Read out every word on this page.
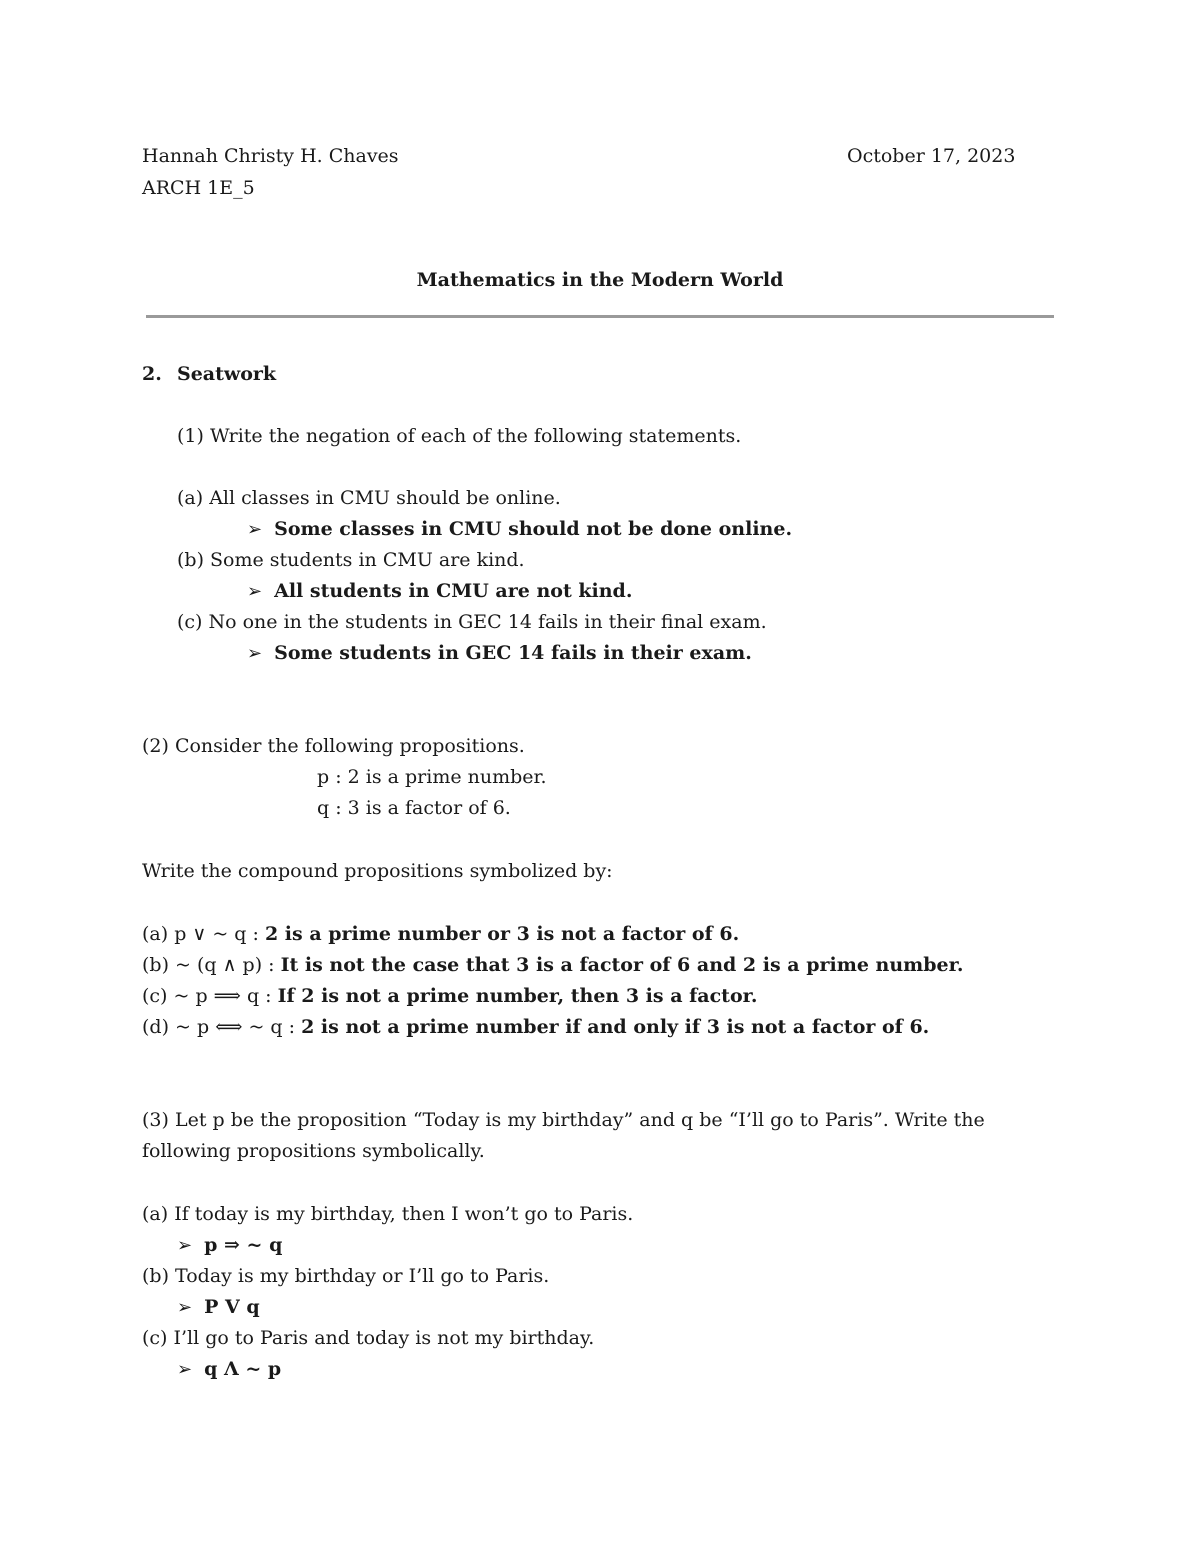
Hannah Christy H. Chaves	October 17, 2023
ARCH 1E_5
Mathematics in the Modern World
2. Seatwork
(1) Write the negation of each of the following statements.
(a) All classes in CMU should be online.
➢ Some classes in CMU should not be done online.
(b) Some students in CMU are kind.
➢ All students in CMU are not kind.
(c) No one in the students in GEC 14 fails in their final exam.
➢ Some students in GEC 14 fails in their exam.
(2) Consider the following propositions.
p : 2 is a prime number.
q : 3 is a factor of 6.
Write the compound propositions symbolized by:
(a) p ∨ ~ q : 2 is a prime number or 3 is not a factor of 6.
(b) ~ (q ∧ p) : It is not the case that 3 is a factor of 6 and 2 is a prime number.
(c) ~ p ⟹ q : If 2 is not a prime number, then 3 is a factor.
(d) ~ p ⟺ ~ q : 2 is not a prime number if and only if 3 is not a factor of 6.
(3) Let p be the proposition “Today is my birthday” and q be “I’ll go to Paris”. Write the
following propositions symbolically.
(a) If today is my birthday, then I won’t go to Paris.
➢ p ⇒ ~ q
(b) Today is my birthday or I’ll go to Paris.
➢ P V q
(c) I’ll go to Paris and today is not my birthday.
➢ q Λ ~ p
